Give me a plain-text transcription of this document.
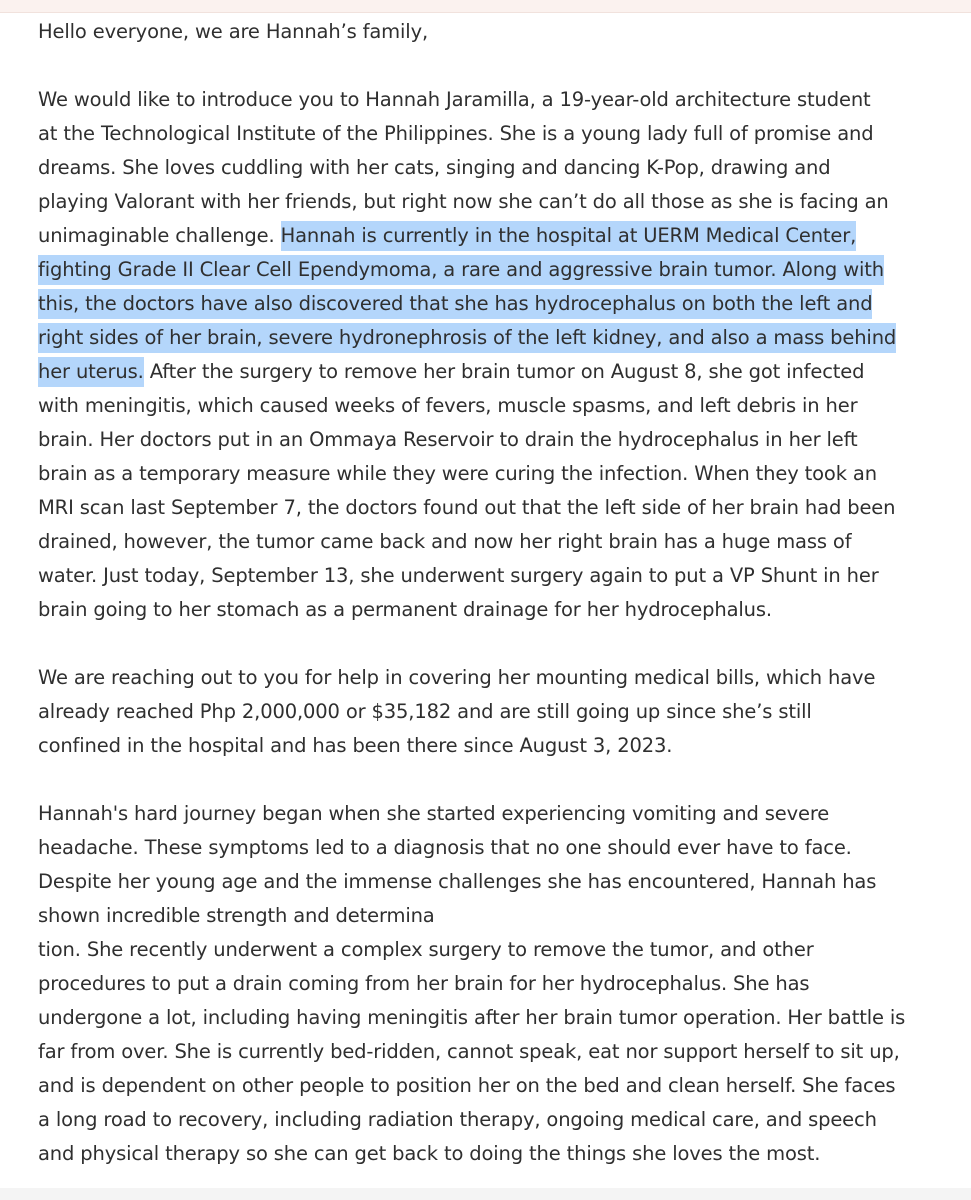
Hello everyone, we are Hannah’s family,

We would like to introduce you to Hannah Jaramilla, a 19-year-old architecture student
at the Technological Institute of the Philippines. She is a young lady full of promise and
dreams. She loves cuddling with her cats, singing and dancing K-Pop, drawing and
playing Valorant with her friends, but right now she can’t do all those as she is facing an
unimaginable challenge. Hannah is currently in the hospital at UERM Medical Center,
fighting Grade II Clear Cell Ependymoma, a rare and aggressive brain tumor. Along with
this, the doctors have also discovered that she has hydrocephalus on both the left and
right sides of her brain, severe hydronephrosis of the left kidney, and also a mass behind
her uterus. After the surgery to remove her brain tumor on August 8, she got infected
with meningitis, which caused weeks of fevers, muscle spasms, and left debris in her
brain. Her doctors put in an Ommaya Reservoir to drain the hydrocephalus in her left
brain as a temporary measure while they were curing the infection. When they took an
MRI scan last September 7, the doctors found out that the left side of her brain had been
drained, however, the tumor came back and now her right brain has a huge mass of
water. Just today, September 13, she underwent surgery again to put a VP Shunt in her
brain going to her stomach as a permanent drainage for her hydrocephalus.

We are reaching out to you for help in covering her mounting medical bills, which have
already reached Php 2,000,000 or $35,182 and are still going up since she’s still
confined in the hospital and has been there since August 3, 2023.

Hannah's hard journey began when she started experiencing vomiting and severe
headache. These symptoms led to a diagnosis that no one should ever have to face.
Despite her young age and the immense challenges she has encountered, Hannah has
shown incredible strength and determina
tion. She recently underwent a complex surgery to remove the tumor, and other
procedures to put a drain coming from her brain for her hydrocephalus. She has
undergone a lot, including having meningitis after her brain tumor operation. Her battle is
far from over. She is currently bed-ridden, cannot speak, eat nor support herself to sit up,
and is dependent on other people to position her on the bed and clean herself. She faces
a long road to recovery, including radiation therapy, ongoing medical care, and speech
and physical therapy so she can get back to doing the things she loves the most.
